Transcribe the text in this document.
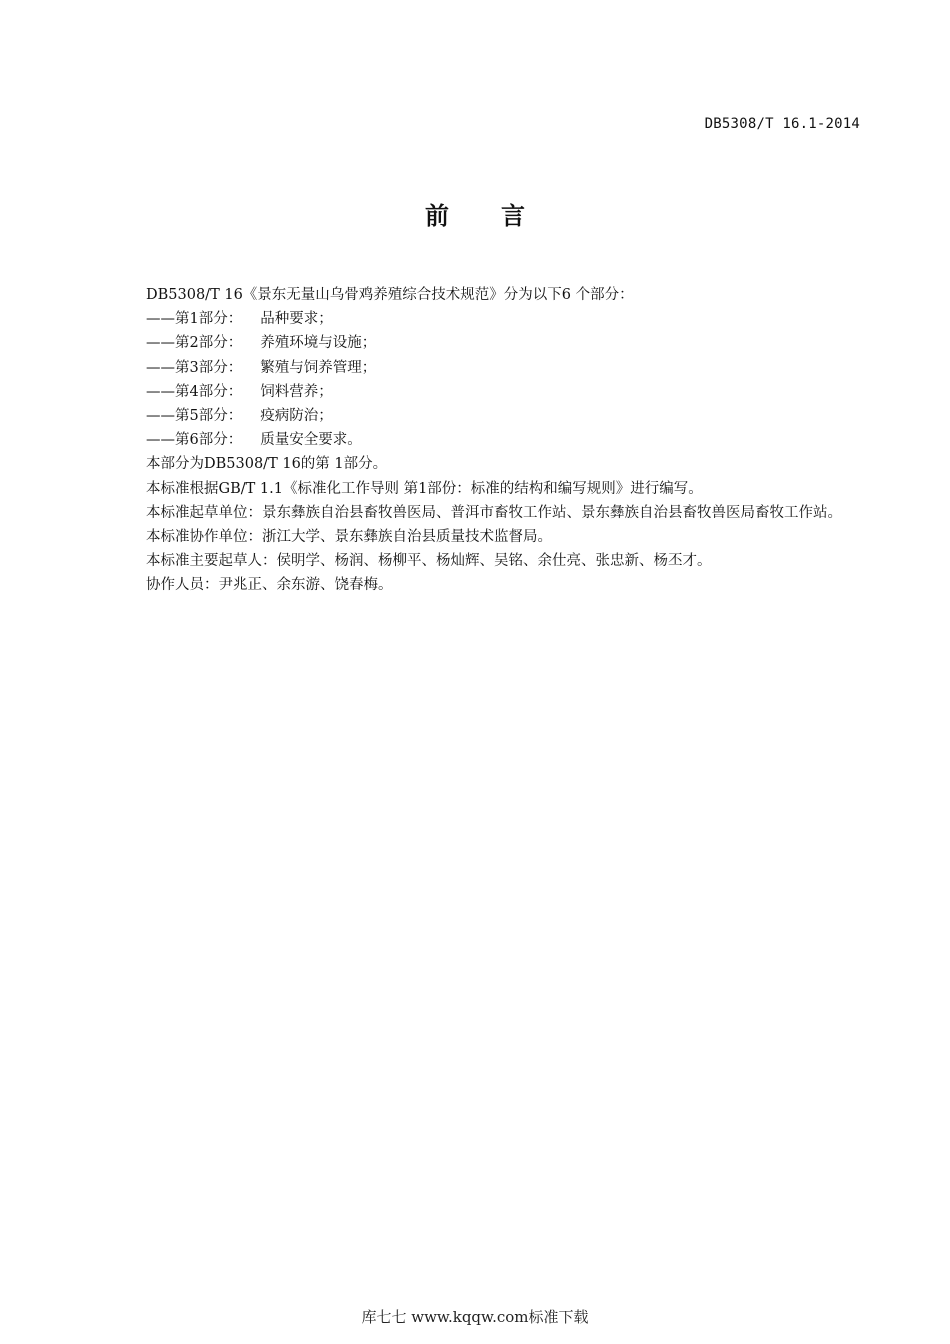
DB5308/T 16.1-2014
前言

DB5308/T 16《景东无量山乌骨鸡养殖综合技术规范》分为以下6 个部分：

——第1部分： 品种要求；

——第2部分： 养殖环境与设施；

——第3部分： 繁殖与饲养管理；

——第4部分： 饲料营养；

——第5部分： 疫病防治；

——第6部分： 质量安全要求。

本部分为DB5308/T 16的第 1部分。

本标准根据GB/T 1.1《标准化工作导则 第1部份：标准的结构和编写规则》进行编写。

本标准起草单位：景东彝族自治县畜牧兽医局、普洱市畜牧工作站、景东彝族自治县畜牧兽医局畜牧工作站。

本标准协作单位：浙江大学、景东彝族自治县质量技术监督局。

本标准主要起草人：侯明学、杨润、杨柳平、杨灿辉、吴铭、余仕亮、张忠新、杨丕才。

协作人员：尹兆正、余东游、饶春梅。

库七七 www.kqqw.com标准下载
